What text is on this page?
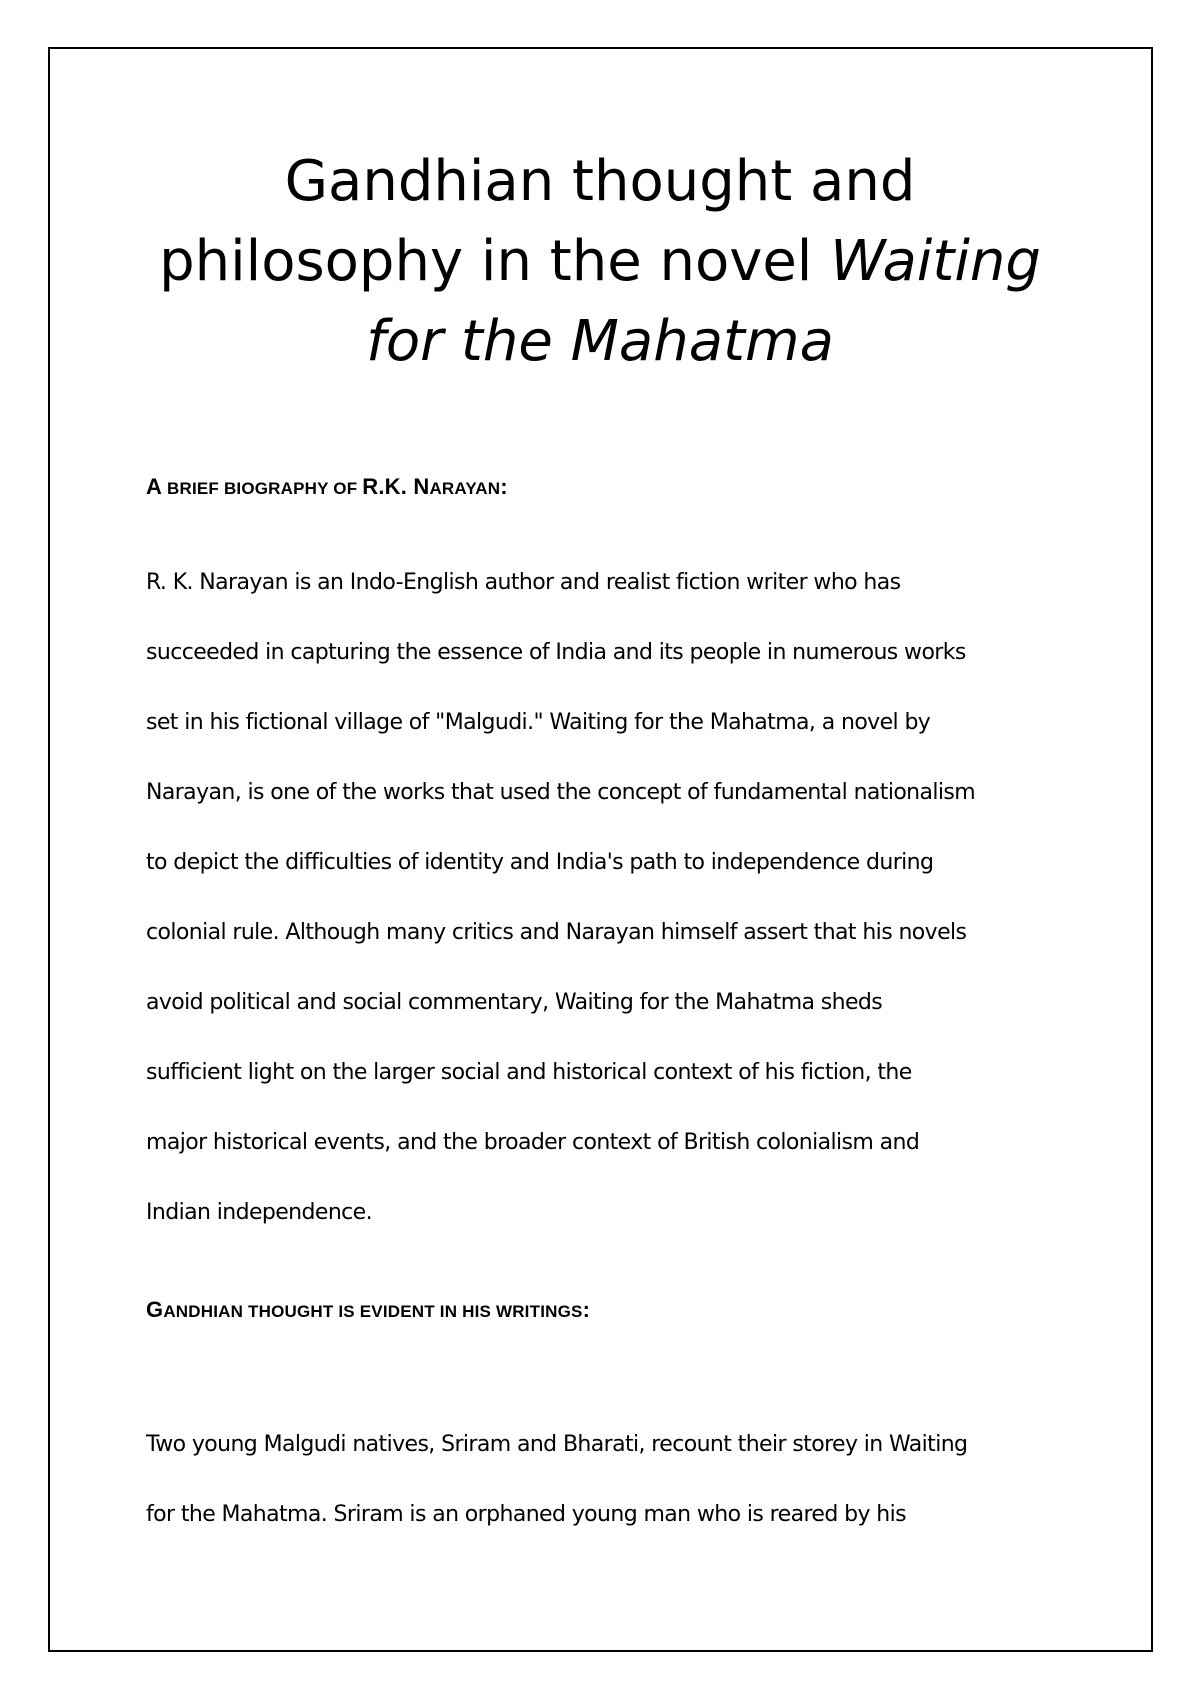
Gandhian thought and
philosophy in the novel Waiting
for the Mahatma
A BRIEF BIOGRAPHY OF R.K. NARAYAN:
R. K. Narayan is an Indo-English author and realist fiction writer who has
succeeded in capturing the essence of India and its people in numerous works
set in his fictional village of "Malgudi." Waiting for the Mahatma, a novel by
Narayan, is one of the works that used the concept of fundamental nationalism
to depict the difficulties of identity and India's path to independence during
colonial rule. Although many critics and Narayan himself assert that his novels
avoid political and social commentary, Waiting for the Mahatma sheds
sufficient light on the larger social and historical context of his fiction, the
major historical events, and the broader context of British colonialism and
Indian independence.
GANDHIAN THOUGHT IS EVIDENT IN HIS WRITINGS:
Two young Malgudi natives, Sriram and Bharati, recount their storey in Waiting
for the Mahatma. Sriram is an orphaned young man who is reared by his
